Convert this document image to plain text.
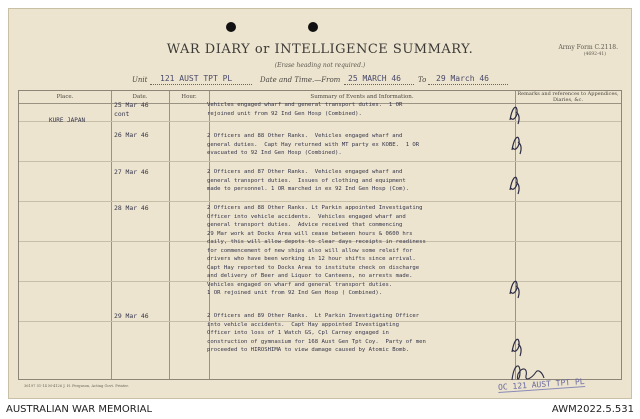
WAR DIARY or INTELLIGENCE SUMMARY.
(Erase heading not required.)
Army Form C.2118.
(4692-41)
Unit 121 AUST TPT PL	Date and Time.—From 25 MARCH 46 To 29 March 46
Place.	Date.	Hour.	Summary of Events and Information.	Remarks and references to Appendices, Diaries, &c.
KURE JAPAN
25 Mar 46
cont
Vehicles engaged wharf and general transport duties.  1 OR
rejoined unit from 92 Ind Gen Hosp (Combined).
26 Mar 46	2 Officers and 88 Other Ranks.  Vehicles engaged wharf and
general duties.  Capt Hay returned with MT party ex KOBE.  1 OR
evacuated to 92 Ind Gen Hosp (Combined).
27 Mar 46	2 Officers and 87 Other Ranks.  Vehicles engaged wharf and
general transport duties.  Issues of clothing and equipment
made to personnel. 1 OR marched in ex 92 Ind Gen Hosp (Com).
28 Mar 46	2 Officers and 88 Other Ranks. Lt Parkin appointed Investigating
Officer into vehicle accidents.  Vehicles engaged wharf and
general transport duties.  Advice received that commencing
29 Mar work at Docks Area will cease between hours & 0600 hrs
daily, this will allow depots to clear days receipts in readiness
for commencement of new ships also will allow some releif for
drivers who have been working in 12 hour shifts since arrival.
Capt Hay reported to Docks Area to institute check on discharge
and delivery of Beer and Liquor to Canteens, no arrests made.
Vehicles engaged on wharf and general transport duties.
1 OR rejoined unit from 92 Ind Gen Hosp ( Combined).
29 Mar 46	2 Officers and 89 Other Ranks.  Lt Parkin Investigating Officer
into vehicle accidents.  Capt Hay appointed Investigating
Officer into loss of 1 Watch GS, Cpl Carney engaged in
construction of gymnasium for 168 Aust Gen Tpt Coy.  Party of men
proceeded to HIROSHIMA to view damage caused by Atomic Bomb.
OC 121 AUST TPT PL
36197 51-14 M-4126 J. H. Ferguson, Acting Govt. Printer.
AUSTRALIAN WAR MEMORIAL	AWM2022.5.531
